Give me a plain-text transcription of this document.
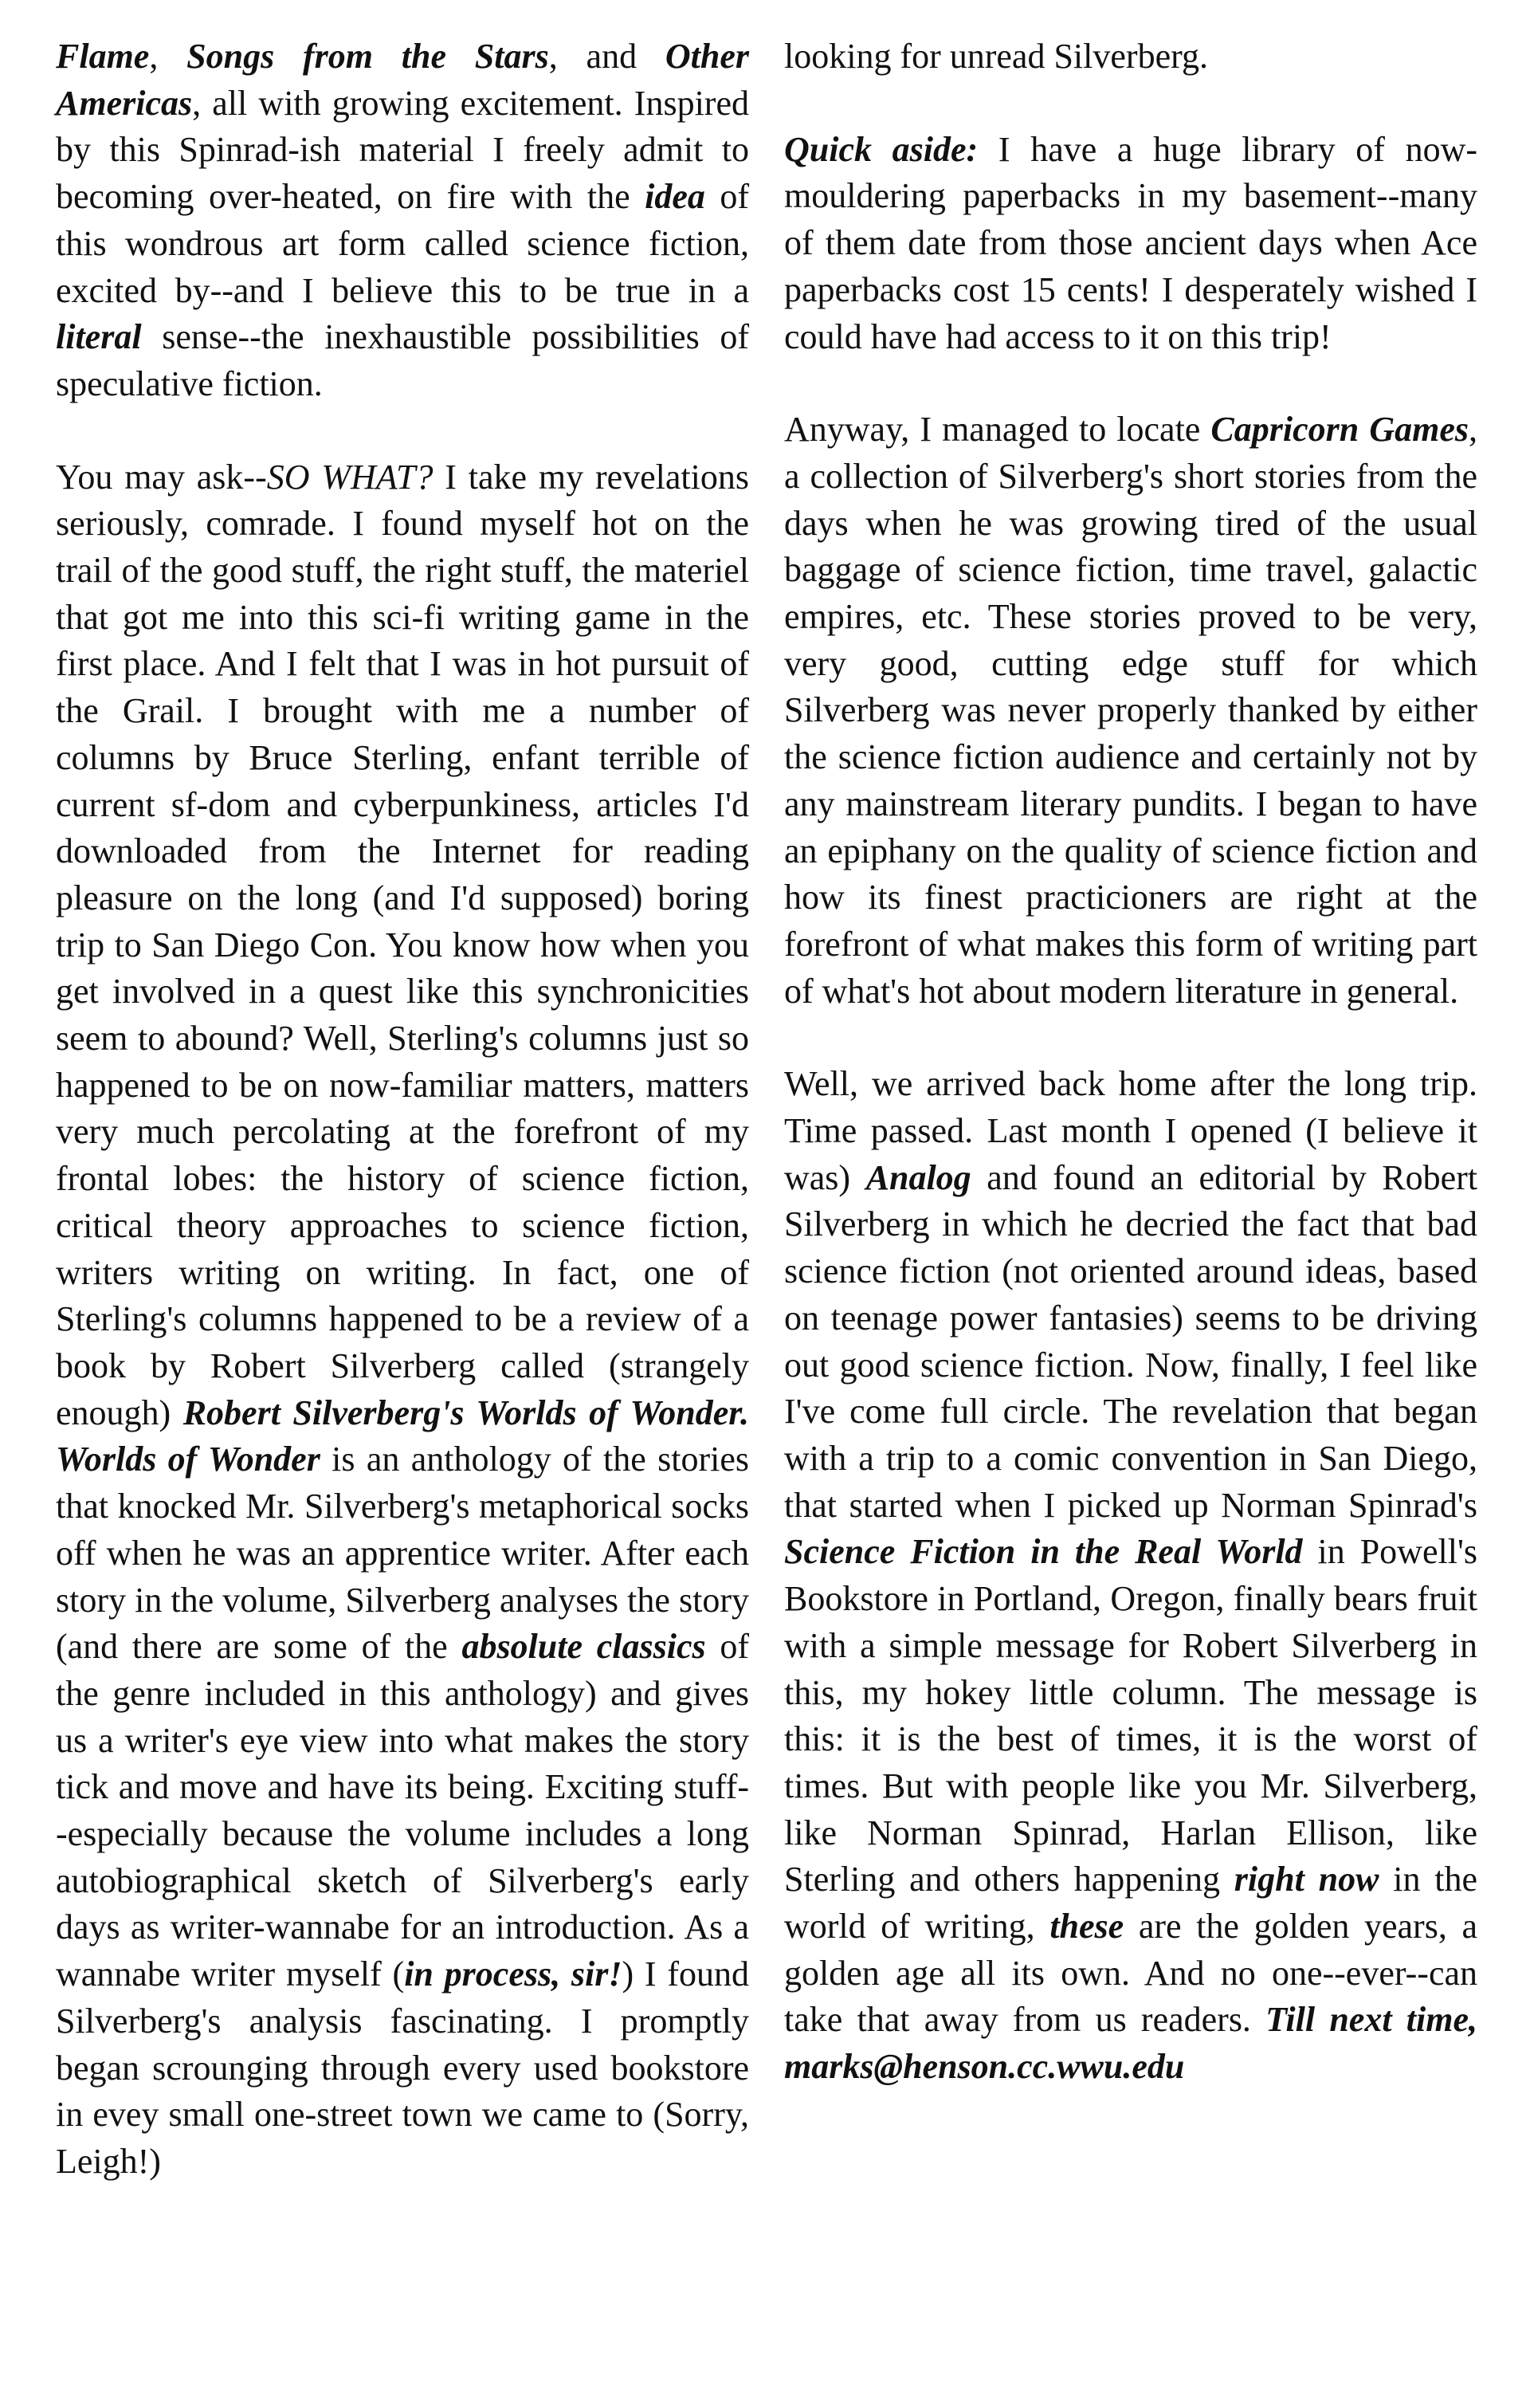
Flame, Songs from the Stars, and Other Americas, all with growing excitement. Inspired by this Spinrad-ish material I freely admit to becoming over-heated, on fire with the idea of this wondrous art form called science fiction, excited by--and I believe this to be true in a literal sense--the inexhaustible possibilities of speculative fiction.

You may ask--SO WHAT? I take my revelations seriously, comrade. I found myself hot on the trail of the good stuff, the right stuff, the materiel that got me into this sci-fi writing game in the first place. And I felt that I was in hot pursuit of the Grail. I brought with me a number of columns by Bruce Sterling, enfant terrible of current sf-dom and cyberpunkiness, articles I'd downloaded from the Internet for reading pleasure on the long (and I'd supposed) boring trip to San Diego Con. You know how when you get involved in a quest like this synchronicities seem to abound? Well, Sterling's columns just so happened to be on now-familiar matters, matters very much percolating at the forefront of my frontal lobes: the history of science fiction, critical theory approaches to science fiction, writers writing on writing. In fact, one of Sterling's columns happened to be a review of a book by Robert Silverberg called (strangely enough) Robert Silverberg's Worlds of Wonder. Worlds of Wonder is an anthology of the stories that knocked Mr. Silverberg's metaphorical socks off when he was an apprentice writer. After each story in the volume, Silverberg analyses the story (and there are some of the absolute classics of the genre included in this anthology) and gives us a writer's eye view into what makes the story tick and move and have its being. Exciting stuff--especially because the volume includes a long autobiographical sketch of Silverberg's early days as writer-wannabe for an introduction. As a wannabe writer myself (in process, sir!) I found Silverberg's analysis fascinating. I promptly began scrounging through every used bookstore in evey small one-street town we came to (Sorry, Leigh!)

looking for unread Silverberg.

Quick aside: I have a huge library of now-mouldering paperbacks in my basement--many of them date from those ancient days when Ace paperbacks cost 15 cents! I desperately wished I could have had access to it on this trip!

Anyway, I managed to locate Capricorn Games, a collection of Silverberg's short stories from the days when he was growing tired of the usual baggage of science fiction, time travel, galactic empires, etc. These stories proved to be very, very good, cutting edge stuff for which Silverberg was never properly thanked by either the science fiction audience and certainly not by any mainstream literary pundits. I began to have an epiphany on the quality of science fiction and how its finest practicioners are right at the forefront of what makes this form of writing part of what's hot about modern literature in general.

Well, we arrived back home after the long trip. Time passed. Last month I opened (I believe it was) Analog and found an editorial by Robert Silverberg in which he decried the fact that bad science fiction (not oriented around ideas, based on teenage power fantasies) seems to be driving out good science fiction. Now, finally, I feel like I've come full circle. The revelation that began with a trip to a comic convention in San Diego, that started when I picked up Norman Spinrad's Science Fiction in the Real World in Powell's Bookstore in Portland, Oregon, finally bears fruit with a simple message for Robert Silverberg in this, my hokey little column. The message is this: it is the best of times, it is the worst of times. But with people like you Mr. Silverberg, like Norman Spinrad, Harlan Ellison, like Sterling and others happening right now in the world of writing, these are the golden years, a golden age all its own. And no one--ever--can take that away from us readers. Till next time, marks@henson.cc.wwu.edu
